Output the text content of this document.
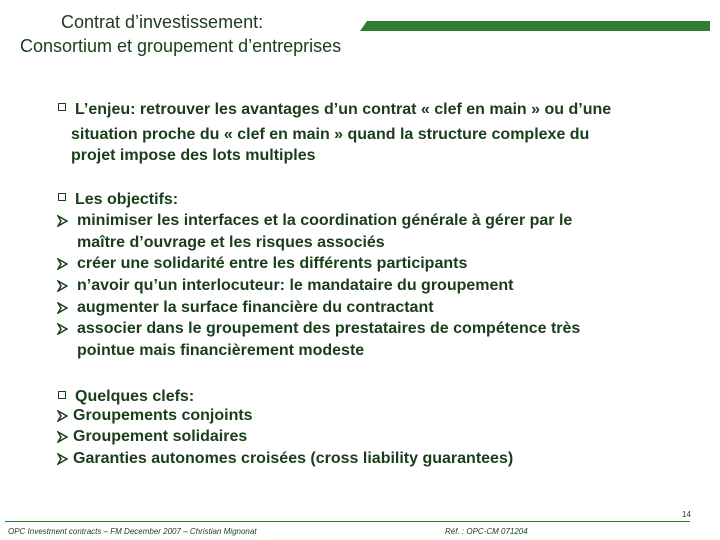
Contrat d’investissement:
Consortium et groupement d’entreprises
L’enjeu: retrouver les avantages d’un contrat « clef en main » ou d’une
situation proche du « clef en main » quand la structure complexe du
projet impose des lots multiples
Les objectifs:
minimiser les interfaces et la coordination générale à gérer par le
maître d’ouvrage et les risques associés
créer une solidarité entre les différents participants
n’avoir qu’un interlocuteur: le mandataire du groupement
augmenter la surface financière du contractant
associer dans le groupement des prestataires de compétence très
pointue mais financièrement modeste
Quelques clefs:
Groupements conjoints
Groupement solidaires
Garanties autonomes croisées (cross liability guarantees)
14
OPC Investment contracts – FM December 2007 – Christian Mignonat	Réf. : OPC-CM 071204
